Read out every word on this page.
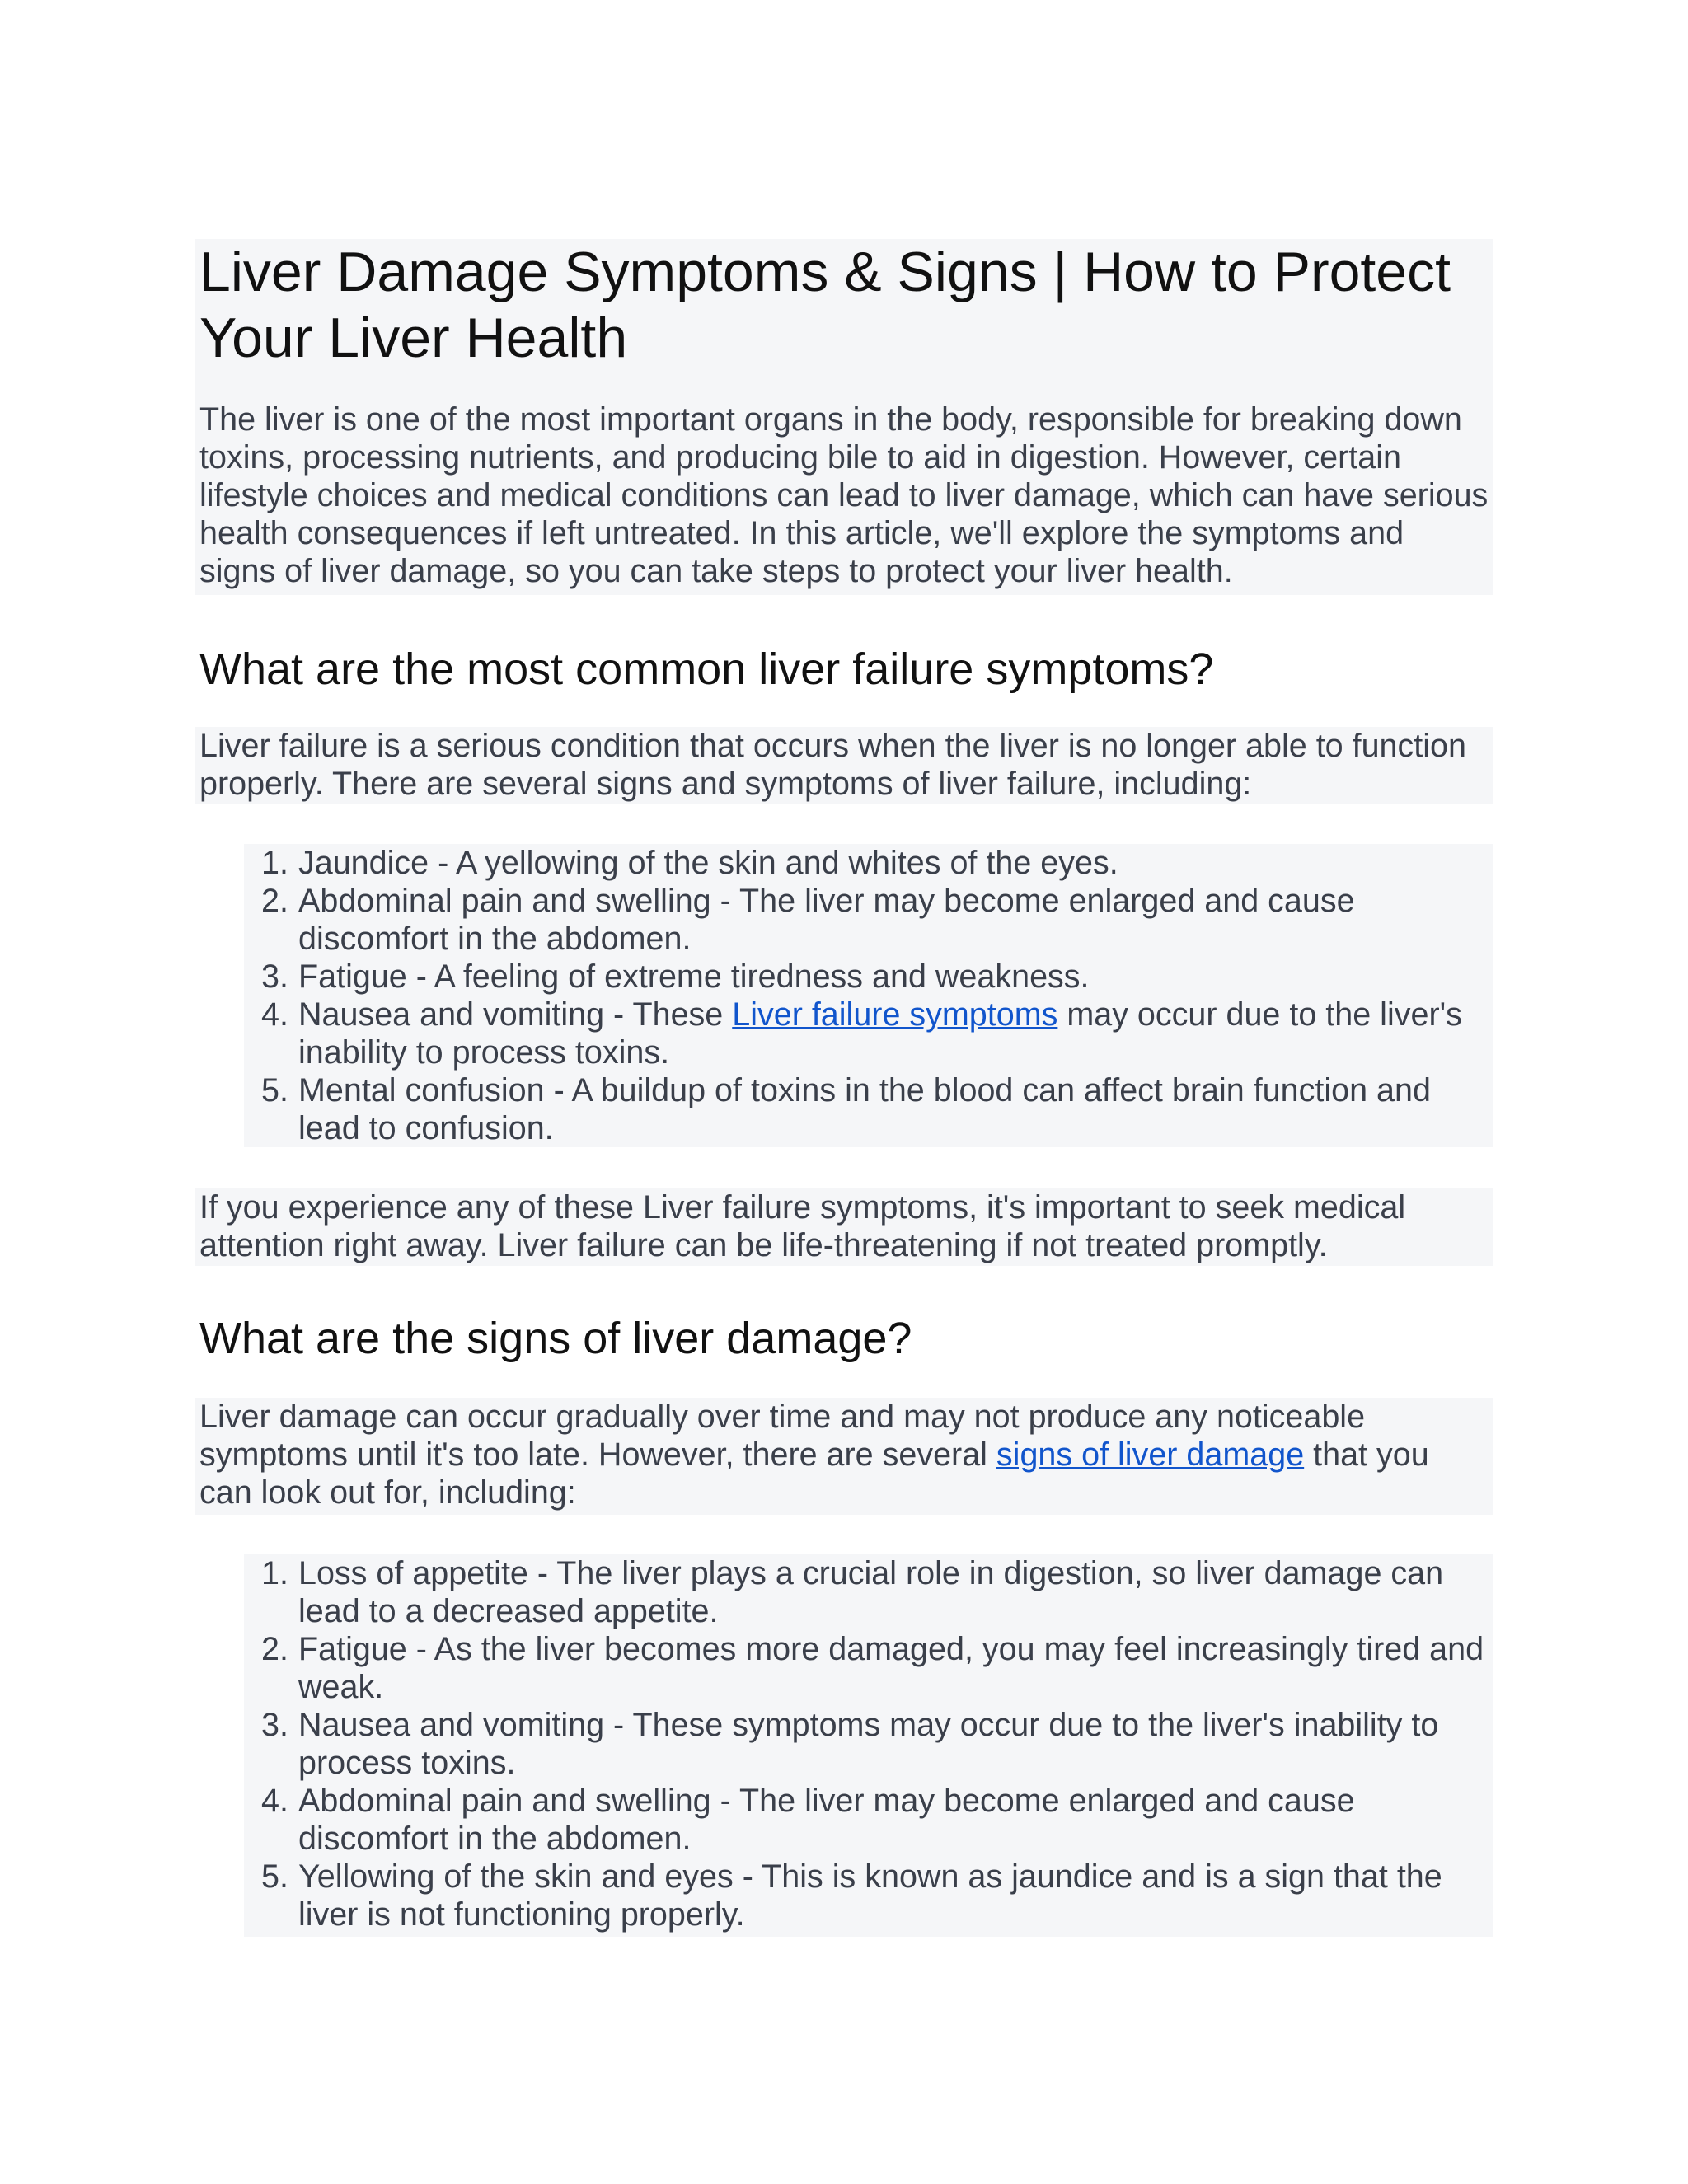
Liver Damage Symptoms & Signs | How to Protect Your Liver Health

The liver is one of the most important organs in the body, responsible for breaking down toxins, processing nutrients, and producing bile to aid in digestion. However, certain lifestyle choices and medical conditions can lead to liver damage, which can have serious health consequences if left untreated. In this article, we'll explore the symptoms and signs of liver damage, so you can take steps to protect your liver health.

What are the most common liver failure symptoms?

Liver failure is a serious condition that occurs when the liver is no longer able to function properly. There are several signs and symptoms of liver failure, including:

1. Jaundice - A yellowing of the skin and whites of the eyes.
2. Abdominal pain and swelling - The liver may become enlarged and cause discomfort in the abdomen.
3. Fatigue - A feeling of extreme tiredness and weakness.
4. Nausea and vomiting - These Liver failure symptoms may occur due to the liver's inability to process toxins.
5. Mental confusion - A buildup of toxins in the blood can affect brain function and lead to confusion.

If you experience any of these Liver failure symptoms, it's important to seek medical attention right away. Liver failure can be life-threatening if not treated promptly.

What are the signs of liver damage?

Liver damage can occur gradually over time and may not produce any noticeable symptoms until it's too late. However, there are several signs of liver damage that you can look out for, including:

1. Loss of appetite - The liver plays a crucial role in digestion, so liver damage can lead to a decreased appetite.
2. Fatigue - As the liver becomes more damaged, you may feel increasingly tired and weak.
3. Nausea and vomiting - These symptoms may occur due to the liver's inability to process toxins.
4. Abdominal pain and swelling - The liver may become enlarged and cause discomfort in the abdomen.
5. Yellowing of the skin and eyes - This is known as jaundice and is a sign that the liver is not functioning properly.
